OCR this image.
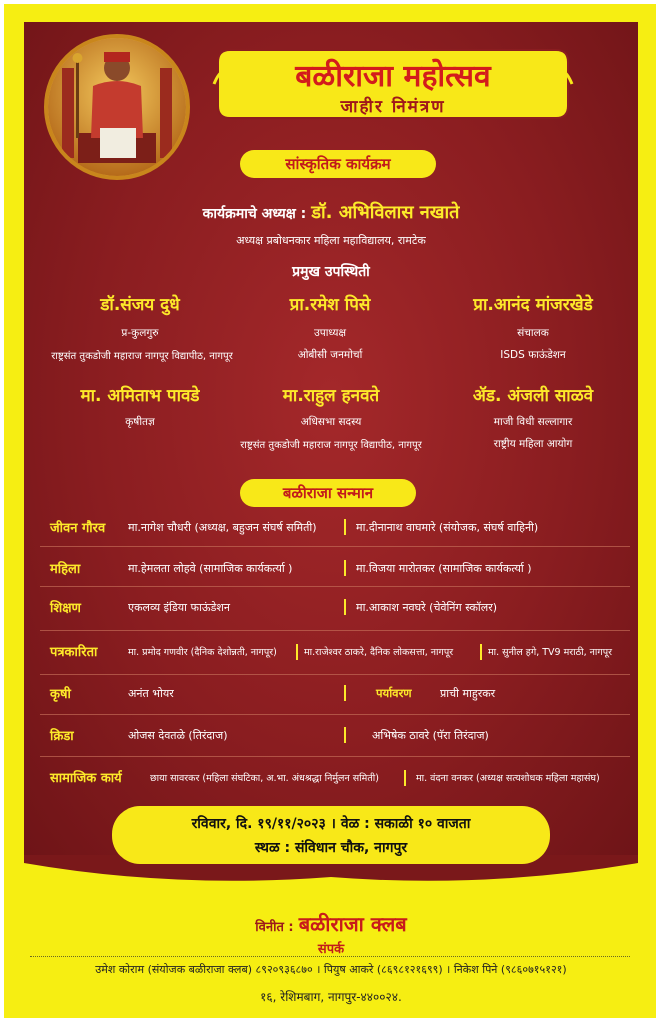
बळीराजा महोत्सव
जाहीर निमंत्रण
सांस्कृतिक कार्यक्रम
कार्यक्रमाचे अध्यक्ष : डॉ. अभिविलास नखाते
अध्यक्ष प्रबोधनकार महिला महाविद्यालय, रामटेक
प्रमुख उपस्थिती
डॉ.संजय दुधे
प्र-कुलगुरु
राष्ट्रसंत तुकडोजी महाराज नागपूर विद्यापीठ, नागपूर
प्रा.रमेश पिसे
उपाध्यक्ष
ओबीसी जनमोर्चा
प्रा.आनंद मांजरखेडे
संचालक
ISDS फाऊंडेशन
मा. अमिताभ पावडे
कृषीतज्ञ
मा.राहुल हनवते
अधिसभा सदस्य
राष्ट्रसंत तुकडोजी महाराज नागपूर विद्यापीठ, नागपूर
ॲड. अंजली साळवे
माजी विधी सल्लागार
राष्ट्रीय महिला आयोग
बळीराजा सन्मान
जीवन गौरव मा.नागेश चौधरी (अध्यक्ष, बहुजन संघर्ष समिती)	मा.दीनानाथ वाघमारे (संयोजक, संघर्ष वाहिनी)
महिला	मा.हेमलता लोहवे (सामाजिक कार्यकर्त्या )	मा.विजया मारोतकर (सामाजिक कार्यकर्त्या )
शिक्षण	एकलव्य इंडिया फाऊंडेशन	मा.आकाश नवघरे (चेवेनिंग स्कॉलर)
पत्रकारिता	मा. प्रमोद गणवीर (दैनिक देशोन्नती, नागपूर)	मा.राजेश्वर ठाकरे, दैनिक लोकसत्ता, नागपूर	मा. सुनील हगे, TV9 मराठी, नागपूर
कृषी	अनंत भोयर	पर्यावरण	प्राची माहुरकर
क्रिडा	ओजस देवतळे (तिरंदाज)	अभिषेक ठावरे (पॅरा तिरंदाज)
सामाजिक कार्य	छाया सावरकर (महिला संघटिका, अ.भा. अंधश्रद्धा निर्मुलन समिती)	मा. वंदना वनकर (अध्यक्ष सत्यशोधक महिला महासंघ)
रविवार, दि. १९/११/२०२३ । वेळ : सकाळी १० वाजता
स्थळ : संविधान चौक, नागपुर
विनीत : बळीराजा क्लब
संपर्क
उमेश कोराम (संयोजक बळीराजा क्लब) ८९२०९३६८७० । पियुष आकरे (८६९८१२१६९९) । निकेश पिने (९८६०७१५१२१)
१६, रेशिमबाग, नागपुर-४४००२४.
